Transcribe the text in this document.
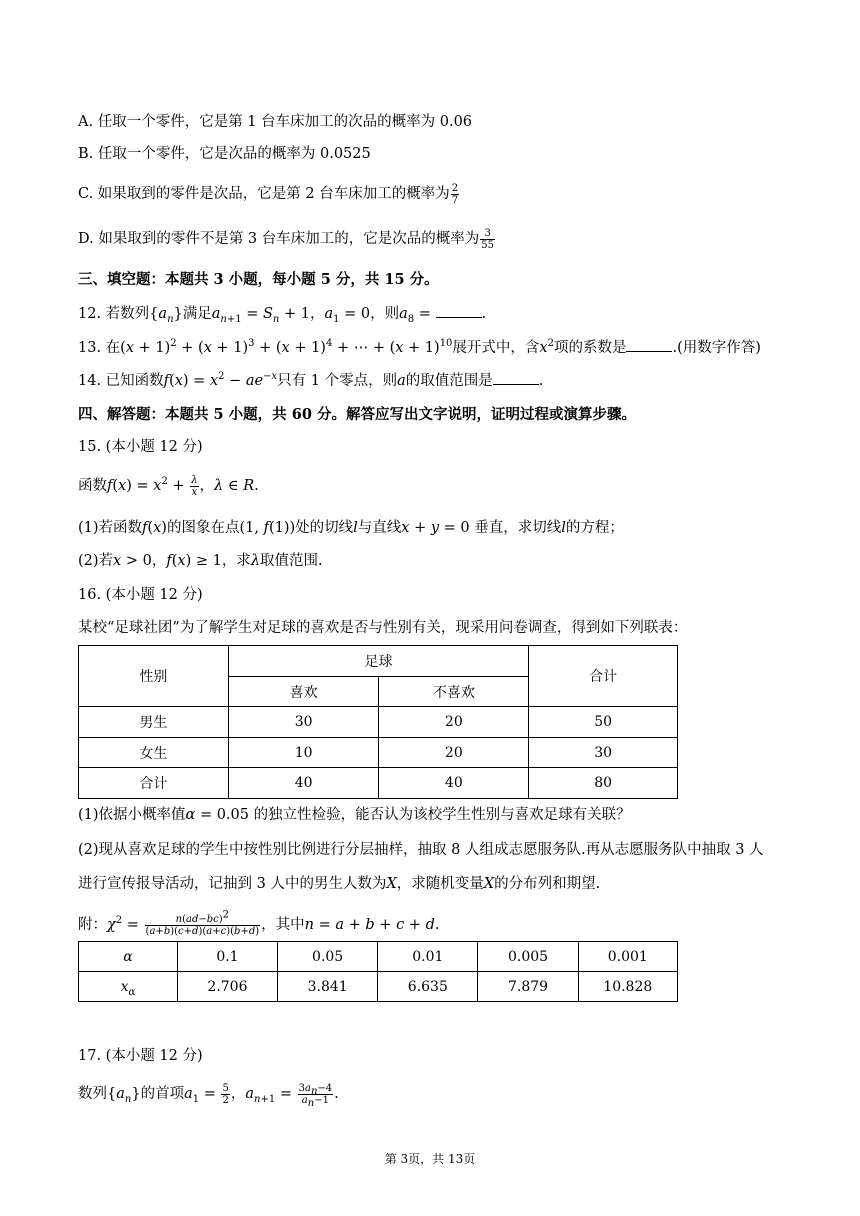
A. 任取一个零件，它是第 1 台车床加工的次品的概率为 0.06
B. 任取一个零件，它是次品的概率为 0.0525
C. 如果取到的零件是次品，它是第 2 台车床加工的概率为 $\frac{2}{7}$
D. 如果取到的零件不是第 3 台车床加工的，它是次品的概率为 $\frac{3}{55}$
三、填空题：本题共 3 小题，每小题 5 分，共 15 分。
12. 若数列$\{a_n\}$满足$a_{n+1} = S_n + 1$，$a_1 = 0$，则$a_8$ =	.
13. 在$(x + 1)^2 + (x + 1)^3 + (x + 1)^4$ + ⋯ + $(x + 1)^{10}$展开式中，含$x^2$项的系数是	.(用数字作答)
14. 已知函数$f(x) = x^2 - ae^{-x}$只有 1 个零点，则a的取值范围是	.
四、解答题：本题共 5 小题，共 60 分。解答应写出文字说明，证明过程或演算步骤。
15. (本小题 12 分)
函数$f(x) = x^2 + \frac{\lambda}{x}$ ，λ ∈ R.
(1)若函数f(x)的图象在点(1, f(1))处的切线l与直线x + y = 0 垂直，求切线l的方程；
(2)若x > 0，f(x) ≥ 1，求λ取值范围.
16. (本小题 12 分)
某校“足球社团”为了解学生对足球的喜欢是否与性别有关，现采用问卷调查，得到如下列联表：
性别	足球		合计
	喜欢	不喜欢	
男生	30	20	50
女生	10	20	30
合计	40	40	80
(1)依据小概率值α = 0.05 的独立性检验，能否认为该校学生性别与喜欢足球有关联？
(2)现从喜欢足球的学生中按性别比例进行分层抽样，抽取 8 人组成志愿服务队.再从志愿服务队中抽取 3 人
进行宣传报导活动，记抽到 3 人中的男生人数为X，求随机变量X的分布列和期望.
附：$\chi^2 = \frac{n(ad-bc)^2}{(a+b)(c+d)(a+c)(b+d)}$ ，其中n = a + b + c + d.
α	0.1	0.05	0.01	0.005	0.001
$x_\alpha$	2.706	3.841	6.635	7.879	10.828
17. (本小题 12 分)
数列$\{a_n\}$的首项$a_1 = \frac{5}{2}$ ，$a_{n+1} = \frac{3a_n-4}{a_n-1}$ .
第 3页，共 13页
